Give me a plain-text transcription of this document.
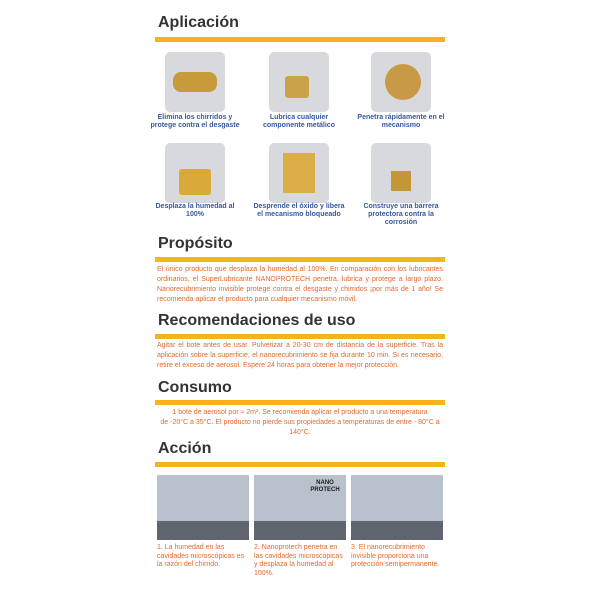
Aplicación
Elimina los chirridos y protege contra el desgaste
Lubrica cualquier componente metálico
Penetra rápidamente en el mecanismo
Desplaza la humedad al 100%
Desprende el óxido y libera el mecanismo bloqueado
Construye una barrera protectora contra la corrosión
Propósito
El único producto que desplaza la humedad al 100%. En comparación con los lubricantes ordinarios, el SuperLubricante NANOPROTECH penetra, lubrica y protege a largo plazo. Nanorecubrimiento invisible protege contra el desgaste y chirridos ¡por más de 1 año! Se recomienda aplicar el producto para cualquier mecanismo móvil.
Recomendaciones de uso
Agitar el bote antes de usar. Pulverizar a 20-30 cm de distancia de la superficie. Tras la aplicación sobre la superficie, el nanorecubrimiento se fija durante 10 min. Si es necesario, retire el exceso de aerosol. Espere 24 horas para obtener la mejor protección.
Consumo
1 bote de aerosol por ≈ 2m². Se recomienda aplicar el producto a una temperatura
de -20°C a 35°C. El producto no pierde sus propiedades a temperaturas de entre - 80°C a 140°C.
Acción
NANO PROTECH
1. La humedad en las cavidades microscópicas es la razón del chirrido.
2. Nanoprotech penetra en las cavidades microscópicas y desplaza la humedad al 100%.
3. El nanorecubrimiento invisible proporciona una protección semipermanente.
